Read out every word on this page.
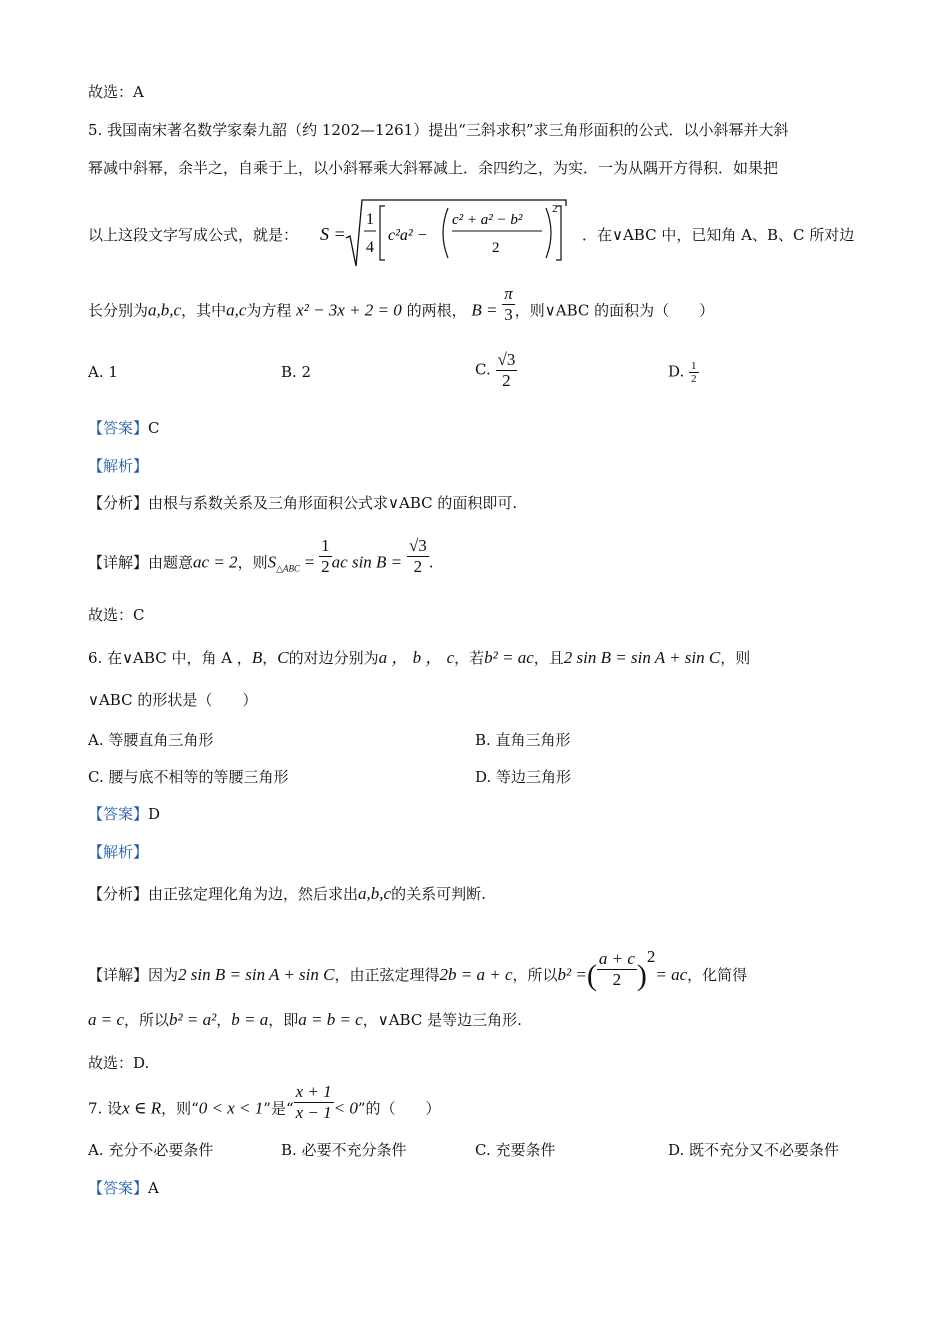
故选：A
5. 我国南宋著名数学家秦九韶（约 1202—1261）提出“三斜求积”求三角形面积的公式．以小斜幂并大斜
幂减中斜幂，余半之，自乘于上，以小斜幂乘大斜幂减上．余四约之，为实．一为从隅开方得积．如果把
以上这段文字写成公式，就是： S =
1
4
c²a² −
c² + a² − b²
2
2
．在∨ABC 中，已知角 A、B、C 所对边
长分别为a,b,c，其中a,c为方程 x² − 3x + 2 = 0 的两根， $B = \frac{\pi}{3}$ ，则∨ABC 的面积为（　　）
A. 1	B. 2	C. $\frac{√3}{2}$	D. $\frac{1}{2}$
【答案】C
【解析】
【分析】由根与系数关系及三角形面积公式求∨ABC 的面积即可.
【详解】由题意ac = 2，则$S_{\triangle ABC} = \frac{1}{2}$ ac $\sin B = \frac{√3}{2}$ .
故选：C
6. 在∨ABC 中，角 A ，B，C的对边分别为a ， b ， c，若b² = ac，且2 sin B = sin A + sin C，则
∨ABC 的形状是（　　）
A. 等腰直角三角形	B. 直角三角形
C. 腰与底不相等的等腰三角形	D. 等边三角形
【答案】D
【解析】
【分析】由正弦定理化角为边，然后求出a,b,c的关系可判断.
【详解】因为2 sin B = sin A + sin C，由正弦定理得2b = a + c，所以b² =( $\frac{a + c}{2} )^2=$ ac，化简得
a = c，所以b² = a²，b = a，即a = b = c，∨ABC 是等边三角形.
故选：D.
7. 设x ∈ R，则“0 < x < 1”是“ $\frac{x + 1}{x - 1} < 0$”的（　　）
A. 充分不必要条件	B. 必要不充分条件	C. 充要条件	D. 既不充分又不必要条件
【答案】A
